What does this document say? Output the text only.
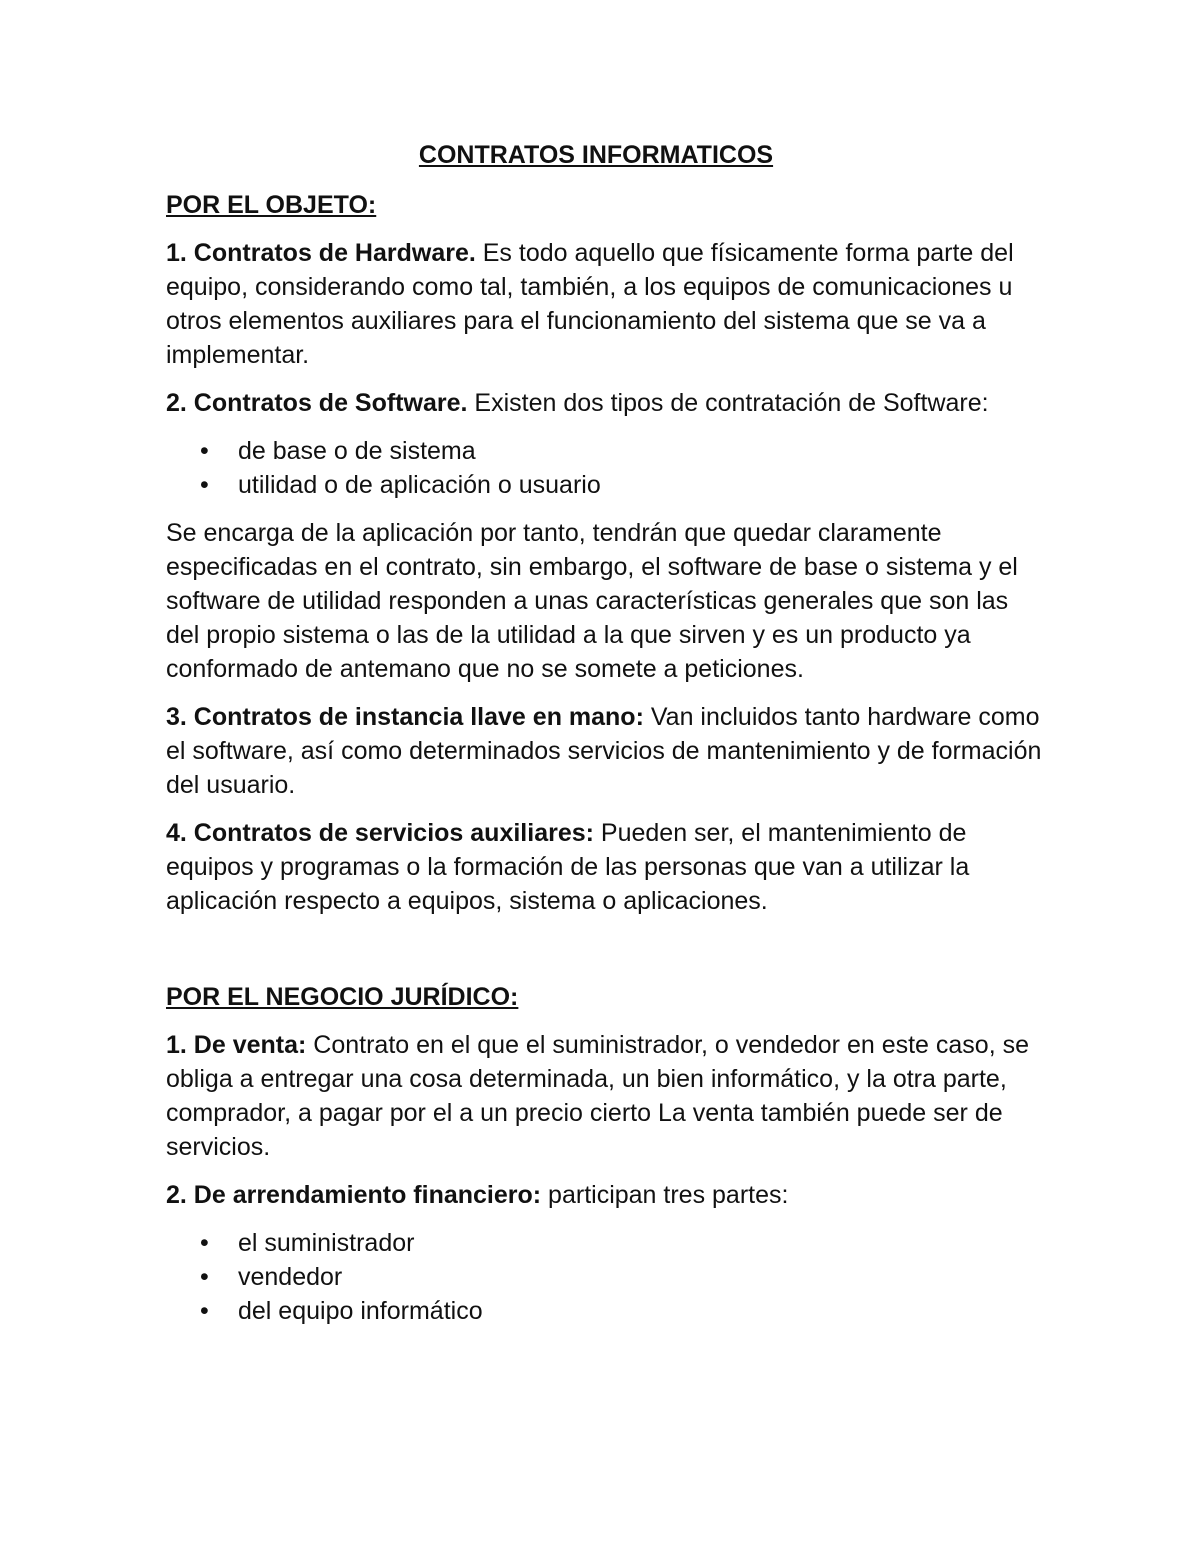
CONTRATOS INFORMATICOS
POR EL OBJETO:

1. Contratos de Hardware. Es todo aquello que físicamente forma parte del equipo, considerando como tal, también, a los equipos de comunicaciones u otros elementos auxiliares para el funcionamiento del sistema que se va a implementar.

2. Contratos de Software. Existen dos tipos de contratación de Software:

• de base o de sistema
• utilidad o de aplicación o usuario

Se encarga de la aplicación por tanto, tendrán que quedar claramente especificadas en el contrato, sin embargo, el software de base o sistema y el software de utilidad responden a unas características generales que son las del propio sistema o las de la utilidad a la que sirven y es un producto ya conformado de antemano que no se somete a peticiones.

3. Contratos de instancia llave en mano: Van incluidos tanto hardware como el software, así como determinados servicios de mantenimiento y de formación del usuario.

4. Contratos de servicios auxiliares: Pueden ser, el mantenimiento de equipos y programas o la formación de las personas que van a utilizar la aplicación respecto a equipos, sistema o aplicaciones.

POR EL NEGOCIO JURÍDICO:

1. De venta: Contrato en el que el suministrador, o vendedor en este caso, se obliga a entregar una cosa determinada, un bien informático, y la otra parte, comprador, a pagar por el a un precio cierto La venta también puede ser de servicios.

2. De arrendamiento financiero: participan tres partes:

• el suministrador
• vendedor
• del equipo informático
